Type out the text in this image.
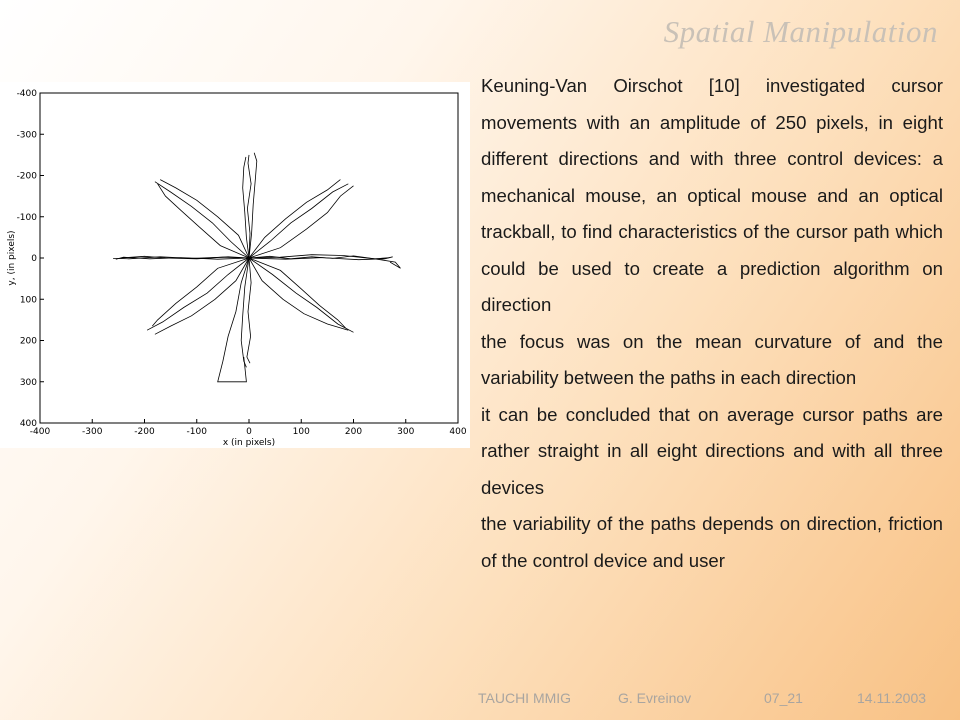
Spatial Manipulation
-400	-300	-200	-100	0	100	200	300	400
-400
-300
-200
-100
0
100
200
300
400
x (in pixels)
y, (in pixels)

Keuning-Van Oirschot [10] investigated cursor movements with an amplitude of 250 pixels, in eight different directions and with three control devices: a mechanical mouse, an optical mouse and an optical trackball, to find characteristics of the cursor path which could be used to create a prediction algorithm on direction

the focus was on the mean curvature of and the variability between the paths in each direction

it can be concluded that on average cursor paths are rather straight in all eight directions and with all three devices

the variability of the paths depends on direction, friction of the control device and user

TAUCHI MMIG	G. Evreinov	07_21	14.11.2003
